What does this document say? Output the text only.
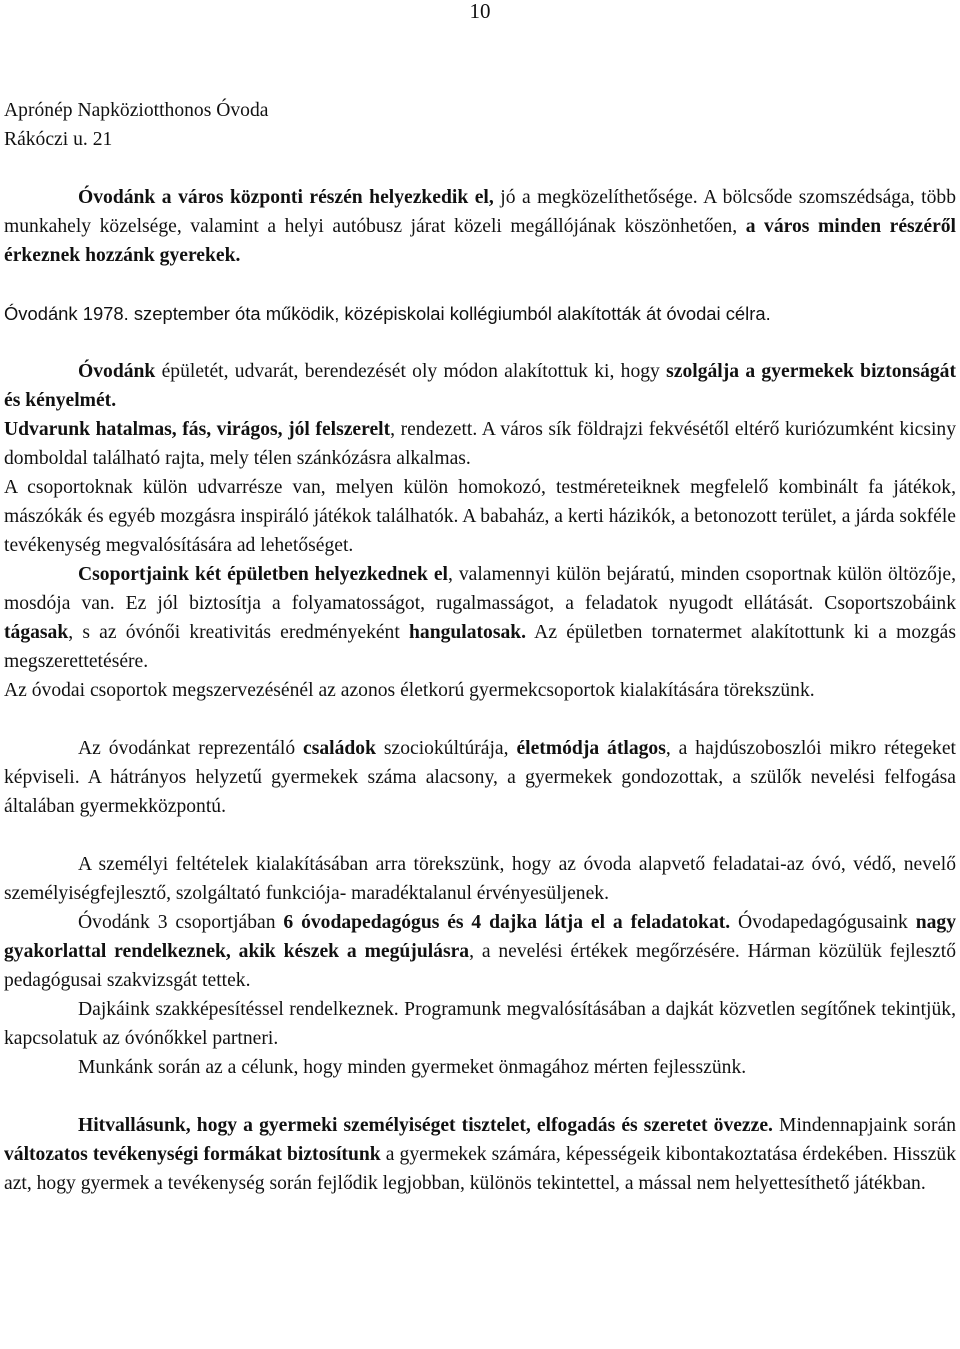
10

Aprónép Napköziotthonos Óvoda

Rákóczi u. 21

Óvodánk a város központi részén helyezkedik el, jó a megközelíthetősége. A bölcsőde szomszédsága, több munkahely közelsége, valamint a helyi autóbusz járat közeli megállójának köszönhetően, a város minden részéről érkeznek hozzánk gyerekek.

Óvodánk 1978. szeptember óta működik, középiskolai kollégiumból alakították át óvodai célra.

Óvodánk épületét, udvarát, berendezését oly módon alakítottuk ki, hogy szolgálja a gyermekek biztonságát és kényelmét.

Udvarunk hatalmas, fás, virágos, jól felszerelt, rendezett. A város sík földrajzi fekvésétől eltérő kuriózumként kicsiny domboldal található rajta, mely télen szánkózásra alkalmas.

A csoportoknak külön udvarrésze van, melyen külön homokozó, testméreteiknek megfelelő kombinált fa játékok, mászókák és egyéb mozgásra inspiráló játékok találhatók. A babaház, a kerti házikók, a betonozott terület, a járda sokféle tevékenység megvalósítására ad lehetőséget.

Csoportjaink két épületben helyezkednek el, valamennyi külön bejáratú, minden csoportnak külön öltözője, mosdója van. Ez jól biztosítja a folyamatosságot, rugalmasságot, a feladatok nyugodt ellátását. Csoportszobáink tágasak, s az óvónői kreativitás eredményeként hangulatosak. Az épületben tornatermet alakítottunk ki a mozgás megszerettetésére.

Az óvodai csoportok megszervezésénél az azonos életkorú gyermekcsoportok kialakítására törekszünk.

Az óvodánkat reprezentáló családok szociokúltúrája, életmódja átlagos, a hajdúszoboszlói mikro rétegeket képviseli. A hátrányos helyzetű gyermekek száma alacsony, a gyermekek gondozottak, a szülők nevelési felfogása általában gyermekközpontú.

A személyi feltételek kialakításában arra törekszünk, hogy az óvoda alapvető feladatai-az óvó, védő, nevelő személyiségfejlesztő, szolgáltató funkciója- maradéktalanul érvényesüljenek.

Óvodánk 3 csoportjában 6 óvodapedagógus és 4 dajka látja el a feladatokat. Óvodapedagógusaink nagy gyakorlattal rendelkeznek, akik készek a megújulásra, a nevelési értékek megőrzésére. Hárman közülük fejlesztő pedagógusai szakvizsgát tettek.

Dajkáink szakképesítéssel rendelkeznek. Programunk megvalósításában a dajkát közvetlen segítőnek tekintjük, kapcsolatuk az óvónőkkel partneri.

Munkánk során az a célunk, hogy minden gyermeket önmagához mérten fejlesszünk.

Hitvallásunk, hogy a gyermeki személyiséget tisztelet, elfogadás és szeretet övezze. Mindennapjaink során változatos tevékenységi formákat biztosítunk a gyermekek számára, képességeik kibontakoztatása érdekében. Hisszük azt, hogy gyermek a tevékenység során fejlődik legjobban, különös tekintettel, a mással nem helyettesíthető játékban.
